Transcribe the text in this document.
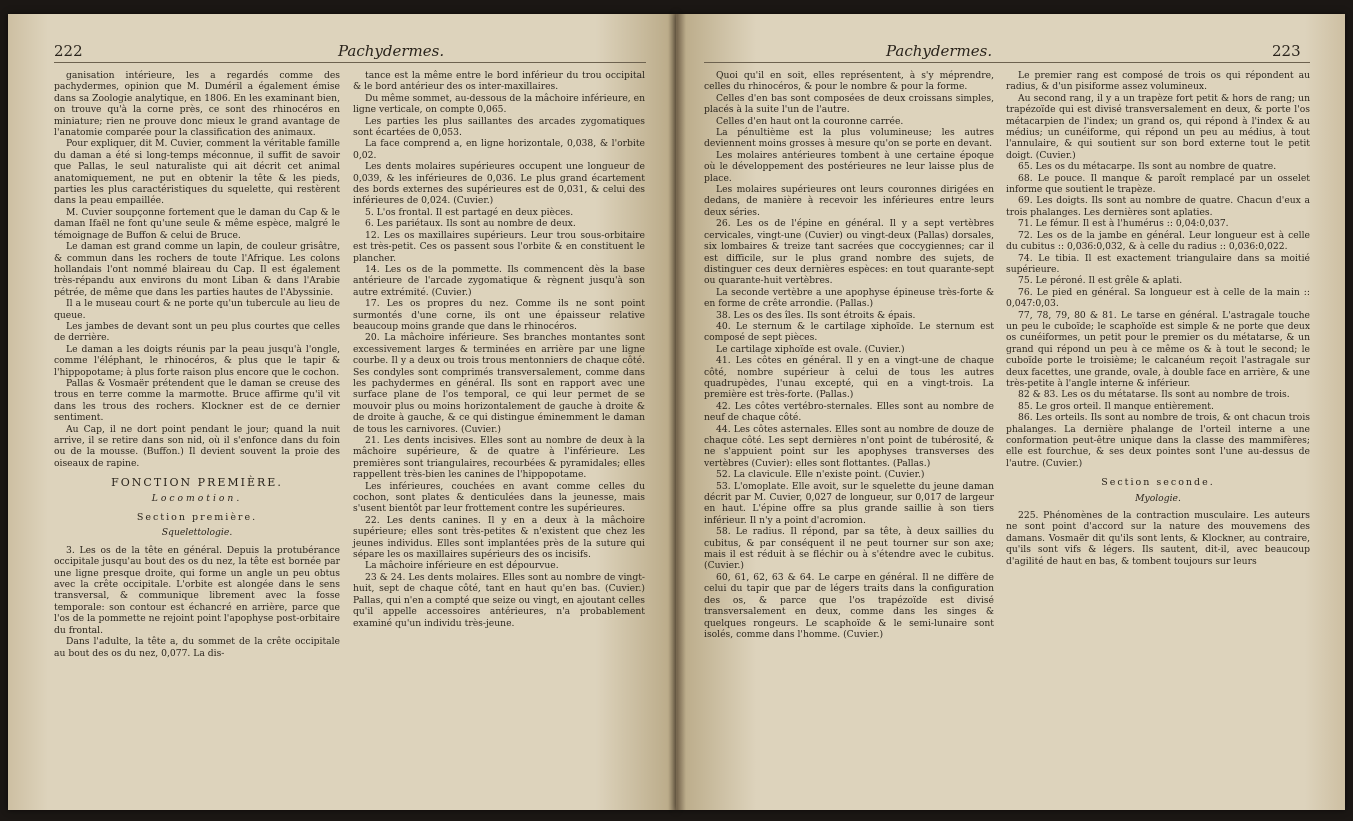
222	Pachydermes.

ganisation intérieure, les a regardés comme des pachydermes, opinion que M. Duméril a également émise dans sa Zoologie analytique, en 1806. En les examinant bien, on trouve qu'à la corne près, ce sont des rhinocéros en miniature; rien ne prouve donc mieux le grand avantage de l'anatomie comparée pour la classification des animaux.

Pour expliquer, dit M. Cuvier, comment la véritable famille du daman a été si long-temps méconnue, il suffit de savoir que Pallas, le seul naturaliste qui ait décrit cet animal anatomiquement, ne put en obtenir la tête & les pieds, parties les plus caractéristiques du squelette, qui restèrent dans la peau empaillée.

M. Cuvier soupçonne fortement que le daman du Cap & le daman Ifaël ne font qu'une seule & même espèce, malgré le témoignage de Buffon & celui de Bruce.

Le daman est grand comme un lapin, de couleur grisâtre, & commun dans les rochers de toute l'Afrique. Les colons hollandais l'ont nommé blaireau du Cap. Il est également très-répandu aux environs du mont Liban & dans l'Arabie pétrée, de même que dans les parties hautes de l'Abyssinie.

Il a le museau court & ne porte qu'un tubercule au lieu de queue.

Les jambes de devant sont un peu plus courtes que celles de derrière.

Le daman a les doigts réunis par la peau jusqu'à l'ongle, comme l'éléphant, le rhinocéros, & plus que le tapir & l'hippopotame; à plus forte raison plus encore que le cochon.

Pallas & Vosmaër prétendent que le daman se creuse des trous en terre comme la marmotte. Bruce affirme qu'il vit dans les trous des rochers. Klockner est de ce dernier sentiment.

Au Cap, il ne dort point pendant le jour; quand la nuit arrive, il se retire dans son nid, où il s'enfonce dans du foin ou de la mousse. (Buffon.) Il devient souvent la proie des oiseaux de rapine.

FONCTION PREMIÈRE.

Locomotion.

Section première.

Squelettologie.

3. Les os de la tête en général. Depuis la protubérance occipitale jusqu'au bout des os du nez, la tête est bornée par une ligne presque droite, qui forme un angle un peu obtus avec la crête occipitale. L'orbite est alongée dans le sens transversal, & communique librement avec la fosse temporale: son contour est échancré en arrière, parce que l'os de la pommette ne rejoint point l'apophyse post-orbitaire du frontal.

Dans l'adulte, la tête a, du sommet de la crête occipitale au bout des os du nez, 0,077. La dis-

tance est la même entre le bord inférieur du trou occipital & le bord antérieur des os inter-maxillaires.

Du même sommet, au-dessous de la mâchoire inférieure, en ligne verticale, on compte 0,065.

Les parties les plus saillantes des arcades zygomatiques sont écartées de 0,053.

La face comprend a, en ligne horizontale, 0,038, & l'orbite 0,02.

Les dents molaires supérieures occupent une longueur de 0,039, & les inférieures de 0,036. Le plus grand écartement des bords externes des supérieures est de 0,031, & celui des inférieures de 0,024. (Cuvier.)

5. L'os frontal. Il est partagé en deux pièces.

6. Les pariétaux. Ils sont au nombre de deux.

12. Les os maxillaires supérieurs. Leur trou sous-orbitaire est très-petit. Ces os passent sous l'orbite & en constituent le plancher.

14. Les os de la pommette. Ils commencent dès la base antérieure de l'arcade zygomatique & règnent jusqu'à son autre extrémité. (Cuvier.)

17. Les os propres du nez. Comme ils ne sont point surmontés d'une corne, ils ont une épaisseur relative beaucoup moins grande que dans le rhinocéros.

20. La mâchoire inférieure. Ses branches montantes sont excessivement larges & terminées en arrière par une ligne courbe. Il y a deux ou trois trous mentonniers de chaque côté. Ses condyles sont comprimés transversalement, comme dans les pachydermes en général. Ils sont en rapport avec une surface plane de l'os temporal, ce qui leur permet de se mouvoir plus ou moins horizontalement de gauche à droite & de droite à gauche, & ce qui distingue éminemment le daman de tous les carnivores. (Cuvier.)

21. Les dents incisives. Elles sont au nombre de deux à la mâchoire supérieure, & de quatre à l'inférieure. Les premières sont triangulaires, recourbées & pyramidales; elles rappellent très-bien les canines de l'hippopotame.

Les inférieures, couchées en avant comme celles du cochon, sont plates & denticulées dans la jeunesse, mais s'usent bientôt par leur frottement contre les supérieures.

22. Les dents canines. Il y en a deux à la mâchoire supérieure; elles sont très-petites & n'existent que chez les jeunes individus. Elles sont implantées près de la suture qui sépare les os maxillaires supérieurs des os incisifs.

La mâchoire inférieure en est dépourvue.

23 & 24. Les dents molaires. Elles sont au nombre de vingt-huit, sept de chaque côté, tant en haut qu'en bas. (Cuvier.) Pallas, qui n'en a compté que seize ou vingt, en ajoutant celles qu'il appelle accessoires antérieures, n'a probablement examiné qu'un individu très-jeune.

Pachydermes.	223

Quoi qu'il en soit, elles représentent, à s'y méprendre, celles du rhinocéros, & pour le nombre & pour la forme.

Celles d'en bas sont composées de deux croissans simples, placés à la suite l'un de l'autre.

Celles d'en haut ont la couronne carrée.

La pénultième est la plus volumineuse; les autres deviennent moins grosses à mesure qu'on se porte en devant.

Les molaires antérieures tombent à une certaine époque où le développement des postérieures ne leur laisse plus de place.

Les molaires supérieures ont leurs couronnes dirigées en dedans, de manière à recevoir les inférieures entre leurs deux séries.

26. Les os de l'épine en général. Il y a sept vertèbres cervicales, vingt-une (Cuvier) ou vingt-deux (Pallas) dorsales, six lombaires & treize tant sacrées que coccygiennes; car il est difficile, sur le plus grand nombre des sujets, de distinguer ces deux dernières espèces: en tout quarante-sept ou quarante-huit vertèbres.

La seconde vertèbre a une apophyse épineuse très-forte & en forme de crête arrondie. (Pallas.)

38. Les os des îles. Ils sont étroits & épais.

40. Le sternum & le cartilage xiphoïde. Le sternum est composé de sept pièces.

Le cartilage xiphoïde est ovale. (Cuvier.)

41. Les côtes en général. Il y en a vingt-une de chaque côté, nombre supérieur à celui de tous les autres quadrupèdes, l'unau excepté, qui en a vingt-trois. La première est très-forte. (Pallas.)

42. Les côtes vertébro-sternales. Elles sont au nombre de neuf de chaque côté.

44. Les côtes asternales. Elles sont au nombre de douze de chaque côté. Les sept dernières n'ont point de tubérosité, & ne s'appuient point sur les apophyses transverses des vertèbres (Cuvier): elles sont flottantes. (Pallas.)

52. La clavicule. Elle n'existe point. (Cuvier.)

53. L'omoplate. Elle avoit, sur le squelette du jeune daman décrit par M. Cuvier, 0,027 de longueur, sur 0,017 de largeur en haut. L'épine offre sa plus grande saillie à son tiers inférieur. Il n'y a point d'acromion.

58. Le radius. Il répond, par sa tête, à deux saillies du cubitus, & par conséquent il ne peut tourner sur son axe; mais il est réduit à se fléchir ou à s'étendre avec le cubitus. (Cuvier.)

60, 61, 62, 63 & 64. Le carpe en général. Il ne diffère de celui du tapir que par de légers traits dans la configuration des os, & parce que l'os trapézoïde est divisé transversalement en deux, comme dans les singes & quelques rongeurs. Le scaphoïde & le semi-lunaire sont isolés, comme dans l'homme. (Cuvier.)

Le premier rang est composé de trois os qui répondent au radius, & d'un pisiforme assez volumineux.

Au second rang, il y a un trapèze fort petit & hors de rang; un trapézoïde qui est divisé transversalement en deux, & porte l'os métacarpien de l'index; un grand os, qui répond à l'index & au médius; un cunéiforme, qui répond un peu au médius, à tout l'annulaire, & qui soutient sur son bord externe tout le petit doigt. (Cuvier.)

65. Les os du métacarpe. Ils sont au nombre de quatre.

68. Le pouce. Il manque & paroît remplacé par un osselet informe que soutient le trapèze.

69. Les doigts. Ils sont au nombre de quatre. Chacun d'eux a trois phalanges. Les dernières sont aplaties.

71. Le fémur. Il est à l'humérus :: 0,04:0,037.

72. Les os de la jambe en général. Leur longueur est à celle du cubitus :: 0,036:0,032, & à celle du radius :: 0,036:0,022.

74. Le tibia. Il est exactement triangulaire dans sa moitié supérieure.

75. Le péroné. Il est grêle & aplati.

76. Le pied en général. Sa longueur est à celle de la main :: 0,047:0,03.

77, 78, 79, 80 & 81. Le tarse en général. L'astragale touche un peu le cuboïde; le scaphoïde est simple & ne porte que deux os cunéiformes, un petit pour le premier os du métatarse, & un grand qui répond un peu à ce même os & à tout le second; le cuboïde porte le troisième; le calcanéum reçoit l'astragale sur deux facettes, une grande, ovale, à double face en arrière, & une très-petite à l'angle interne & inférieur.

82 & 83. Les os du métatarse. Ils sont au nombre de trois.

85. Le gros orteil. Il manque entièrement.

86. Les orteils. Ils sont au nombre de trois, & ont chacun trois phalanges. La dernière phalange de l'orteil interne a une conformation peut-être unique dans la classe des mammifères; elle est fourchue, & ses deux pointes sont l'une au-dessus de l'autre. (Cuvier.)

Section seconde.

Myologie.

225. Phénomènes de la contraction musculaire. Les auteurs ne sont point d'accord sur la nature des mouvemens des damans. Vosmaër dit qu'ils sont lents, & Klockner, au contraire, qu'ils sont vifs & légers. Ils sautent, dit-il, avec beaucoup d'agilité de haut en bas, & tombent toujours sur leurs
